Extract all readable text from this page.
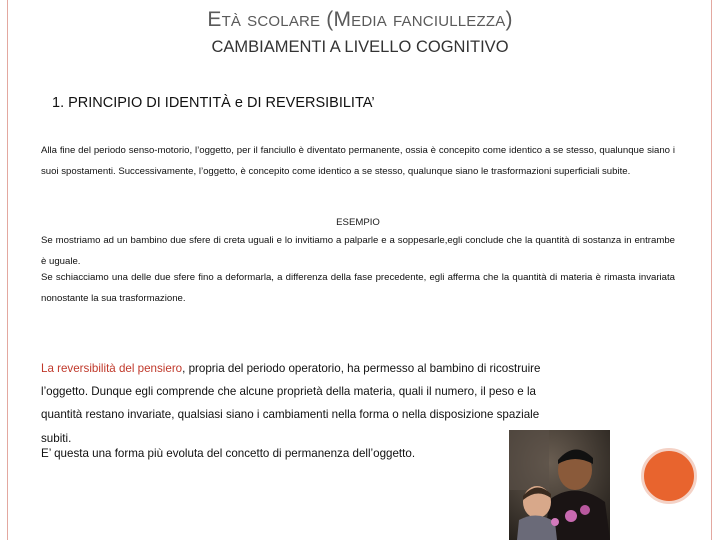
Età scolare (Media fanciullezza)
CAMBIAMENTI A LIVELLO COGNITIVO
1. PRINCIPIO DI IDENTITÀ e DI REVERSIBILITA’
Alla fine del periodo senso-motorio, l’oggetto, per il fanciullo è diventato permanente, ossia è concepito come identico a se stesso, qualunque siano i suoi spostamenti. Successivamente, l’oggetto, è concepito come identico a se stesso, qualunque siano le trasformazioni superficiali subite.
ESEMPIO
Se mostriamo ad un bambino due sfere di creta uguali e lo invitiamo a palparle e a soppesarle,egli conclude che la quantità di sostanza in entrambe è uguale.
Se schiacciamo una delle due sfere fino a deformarla, a differenza della fase precedente, egli afferma che la quantità di materia è rimasta invariata nonostante la sua trasformazione.
La reversibilità del pensiero, propria del periodo operatorio, ha permesso al bambino di ricostruire l’oggetto. Dunque egli comprende che alcune proprietà della materia, quali il numero, il peso e la quantità restano invariate, qualsiasi siano i cambiamenti nella forma o nella disposizione spaziale subiti.
E’ questa una forma più evoluta del concetto di permanenza dell’oggetto.
